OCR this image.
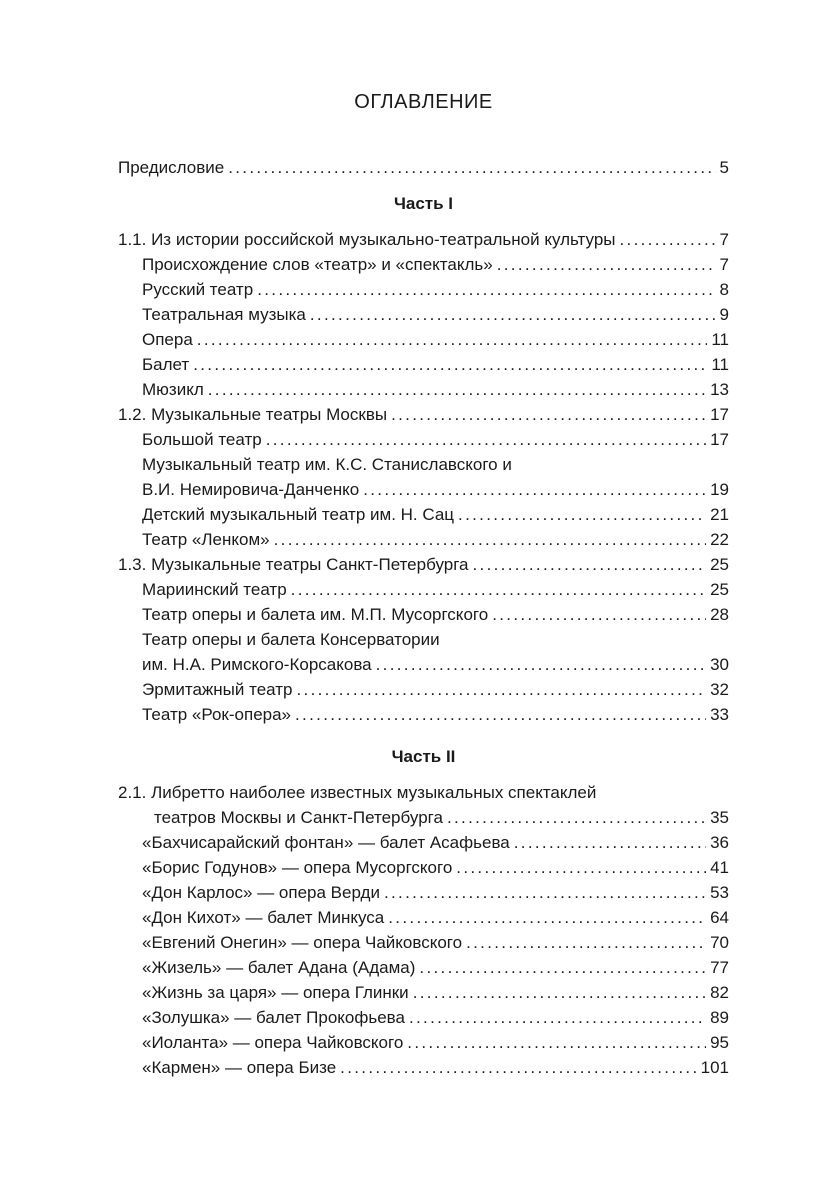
ОГЛАВЛЕНИЕ
Предисловие . . .	5
Часть I
1.1. Из истории российской музыкально-театральной культуры . . .	7
Происхождение слов «театр» и «спектакль» . . .	7
Русский театр . . .	8
Театральная музыка . . .	9
Опера . . .	11
Балет . . .	11
Мюзикл . . .	13
1.2. Музыкальные театры Москвы . . .	17
Большой театр . . .	17
Музыкальный театр им. К.С. Станиславского и
В.И. Немировича-Данченко . . .	19
Детский музыкальный театр им. Н. Сац . . .	21
Театр «Ленком» . . .	22
1.3. Музыкальные театры Санкт-Петербурга . . .	25
Мариинский театр . . .	25
Театр оперы и балета им. М.П. Мусоргского . . .	28
Театр оперы и балета Консерватории
им. Н.А. Римского-Корсакова . . .	30
Эрмитажный театр . . .	32
Театр «Рок-опера» . . .	33
Часть II
2.1. Либретто наиболее известных музыкальных спектаклей
театров Москвы и Санкт-Петербурга . . .	35
«Бахчисарайский фонтан» — балет Асафьева . . .	36
«Борис Годунов» — опера Мусоргского . . .	41
«Дон Карлос» — опера Верди . . .	53
«Дон Кихот» — балет Минкуса . . .	64
«Евгений Онегин» — опера Чайковского . . .	70
«Жизель» — балет Адана (Адама) . . .	77
«Жизнь за царя» — опера Глинки . . .	82
«Золушка» — балет Прокофьева . . .	89
«Иоланта» — опера Чайковского . . .	95
«Кармен» — опера Бизе . . .	101
